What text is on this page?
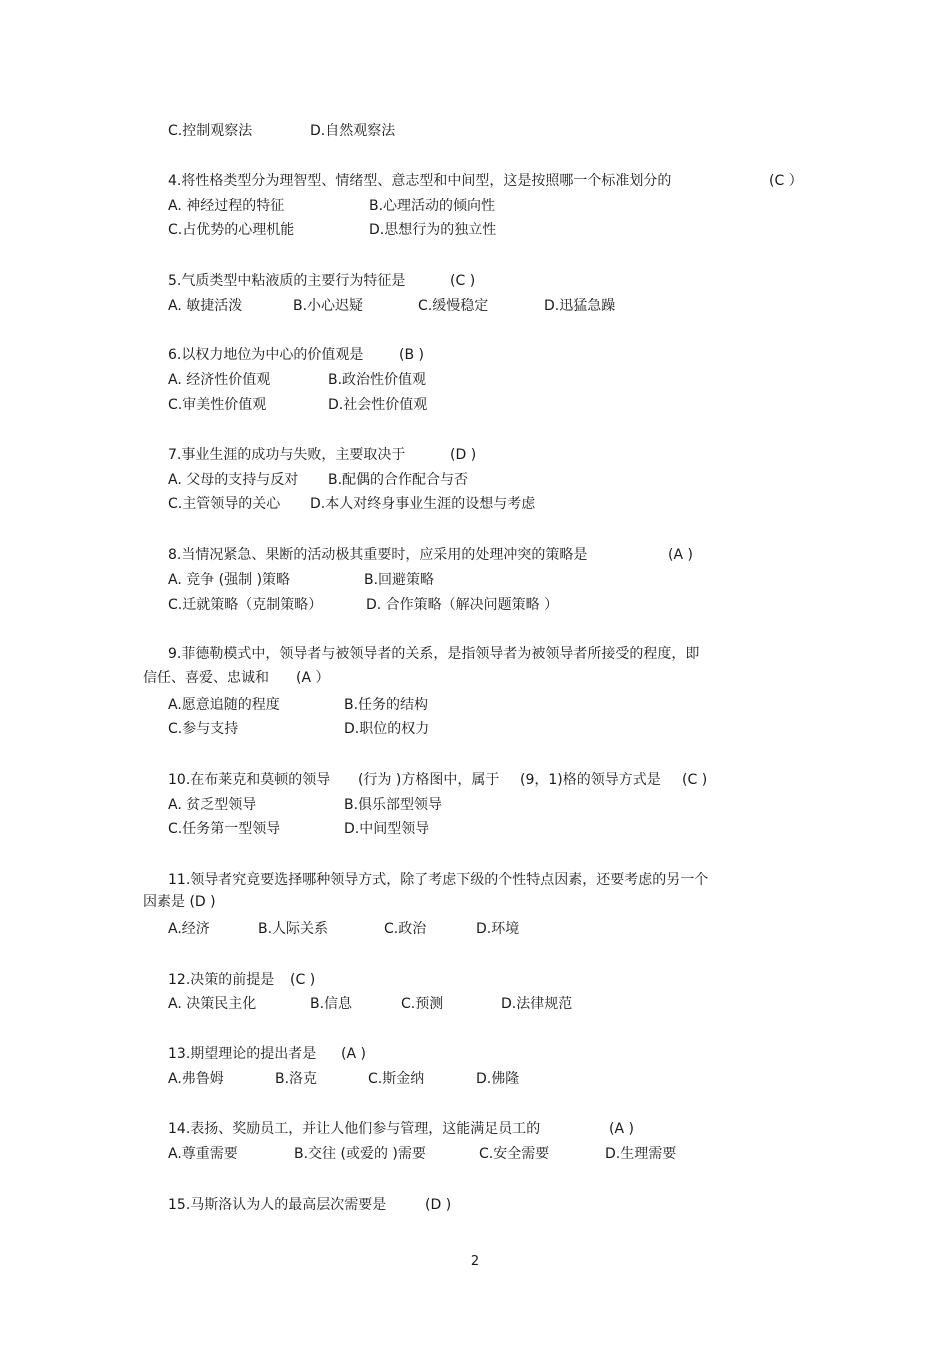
C.控制观察法	D.自然观察法
4.将性格类型分为理智型、情绪型、意志型和中间型，这是按照哪一个标准划分的	(C ）
A. 神经过程的特征	B.心理活动的倾向性
C.占优势的心理机能	D.思想行为的独立性
5.气质类型中粘液质的主要行为特征是	(C )
A. 敏捷活泼	B.小心迟疑	C.缓慢稳定	D.迅猛急躁
6.以权力地位为中心的价值观是	(B )
A. 经济性价值观	B.政治性价值观
C.审美性价值观	D.社会性价值观
7.事业生涯的成功与失败，主要取决于	(D )
A. 父母的支持与反对 B.配偶的合作配合与否
C.主管领导的关心 D.本人对终身事业生涯的设想与考虑
8.当情况紧急、果断的活动极其重要时，应采用的处理冲突的策略是	(A )
A. 竞争 (强制 )策略	B.回避策略
C.迁就策略（克制策略）	D. 合作策略（解决问题策略 ）
9.菲德勒模式中，领导者与被领导者的关系，是指领导者为被领导者所接受的程度，即
信任、喜爱、忠诚和 (A ）
A.愿意追随的程度	B.任务的结构
C.参与支持	D.职位的权力
10.在布莱克和莫顿的领导 (行为 )方格图中，属于 (9，1)格的领导方式是 (C )
A. 贫乏型领导	B.俱乐部型领导
C.任务第一型领导	D.中间型领导
11.领导者究竟要选择哪种领导方式，除了考虑下级的个性特点因素，还要考虑的另一个
因素是 (D )
A.经济	B.人际关系	C.政治	D.环境
12.决策的前提是 (C )
A. 决策民主化	B.信息	C.预测	D.法律规范
13.期望理论的提出者是 (A )
A.弗鲁姆	B.洛克	C.斯金纳	D.佛隆
14.表扬、奖励员工，并让人他们参与管理，这能满足员工的	(A )
A.尊重需要	B.交往 (或爱的 )需要	C.安全需要	D.生理需要
15.马斯洛认为人的最高层次需要是	(D )
2
